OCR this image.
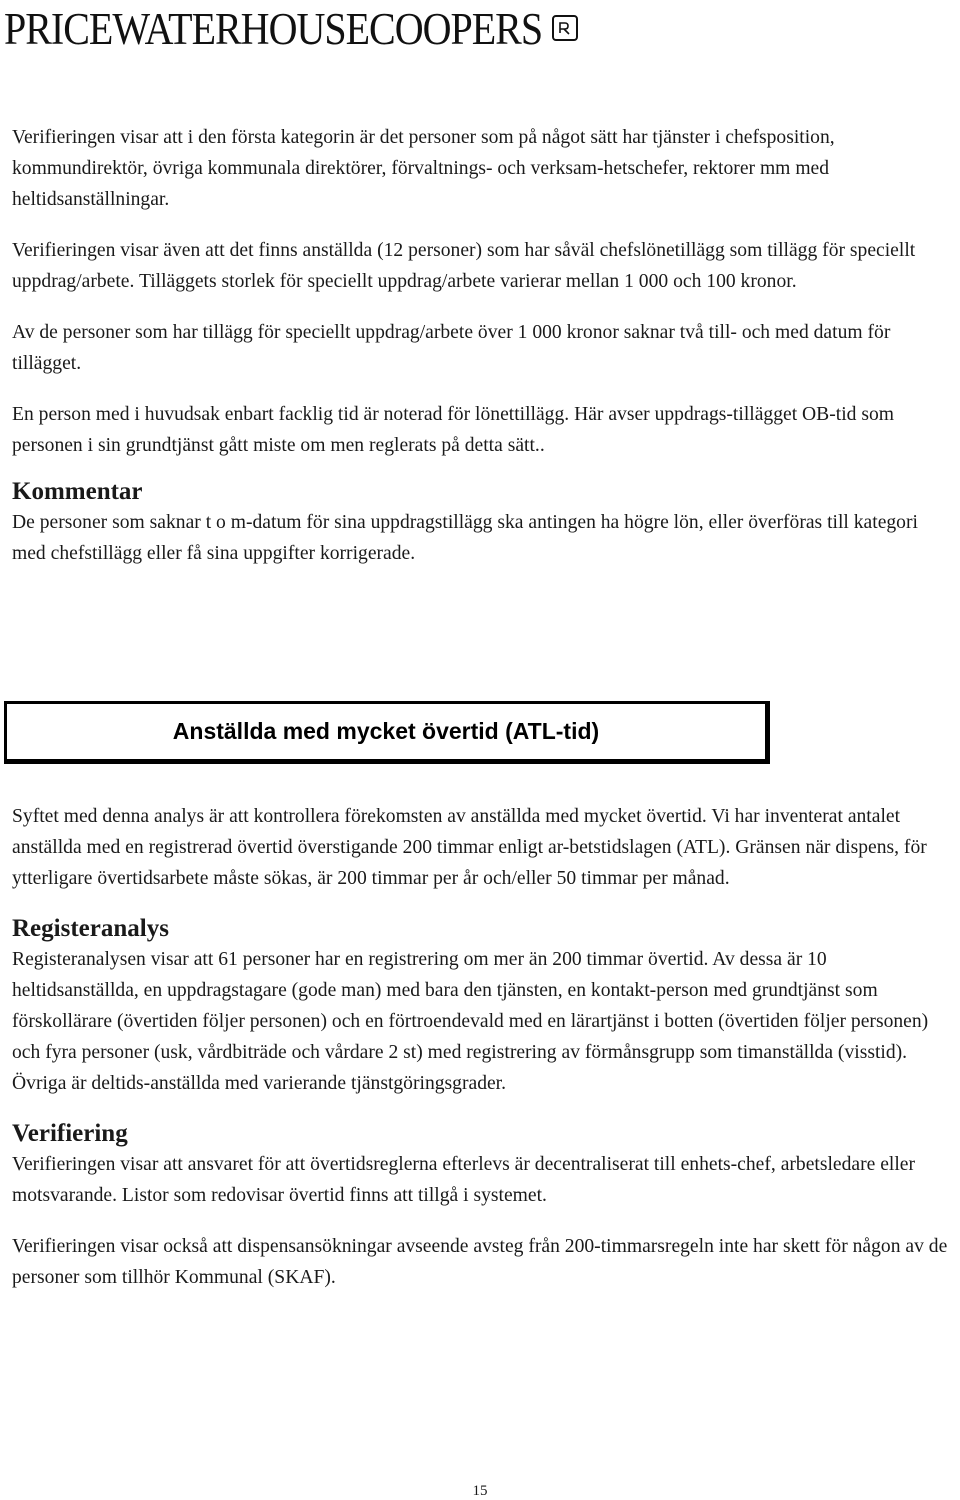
PRICEWATERHOUSECOOPERS

Verifieringen visar att i den första kategorin är det personer som på något sätt har tjänster i chefsposition, kommundirektör, övriga kommunala direktörer, förvaltnings- och verksam-hetschefer, rektorer mm med heltidsanställningar.

Verifieringen visar även att det finns anställda (12 personer) som har såväl chefslönetillägg som tillägg för speciellt uppdrag/arbete. Tilläggets storlek för speciellt uppdrag/arbete varierar mellan 1 000 och 100 kronor.

Av de personer som har tillägg för speciellt uppdrag/arbete över 1 000 kronor saknar två till- och med datum för tillägget.

En person med i huvudsak enbart facklig tid är noterad för lönettillägg. Här avser uppdrags-tillägget OB-tid som personen i sin grundtjänst gått miste om men reglerats på detta sätt..

Kommentar

De personer som saknar t o m-datum för sina uppdragstillägg ska antingen ha högre lön, eller överföras till kategori med chefstillägg eller få sina uppgifter korrigerade.

Anställda med mycket övertid (ATL-tid)

Syftet med denna analys är att kontrollera förekomsten av anställda med mycket övertid. Vi har inventerat antalet anställda med en registrerad övertid överstigande 200 timmar enligt ar-betstidslagen (ATL). Gränsen när dispens, för ytterligare övertidsarbete måste sökas, är 200 timmar per år och/eller 50 timmar per månad.

Registeranalys

Registeranalysen visar att 61 personer har en registrering om mer än 200 timmar övertid. Av dessa är 10 heltidsanställda, en uppdragstagare (gode man) med bara den tjänsten, en kontakt-person med grundtjänst som förskollärare (övertiden följer personen) och en förtroendevald med en lärartjänst i botten (övertiden följer personen) och fyra personer (usk, vårdbiträde och vårdare 2 st) med registrering av förmånsgrupp som timanställda (visstid). Övriga är deltids-anställda med varierande tjänstgöringsgrader.

Verifiering

Verifieringen visar att ansvaret för att övertidsreglerna efterlevs är decentraliserat till enhets-chef, arbetsledare eller motsvarande. Listor som redovisar övertid finns att tillgå i systemet.

Verifieringen visar också att dispensansökningar avseende avsteg från 200-timmarsregeln inte har skett för någon av de personer som tillhör Kommunal (SKAF).

15
